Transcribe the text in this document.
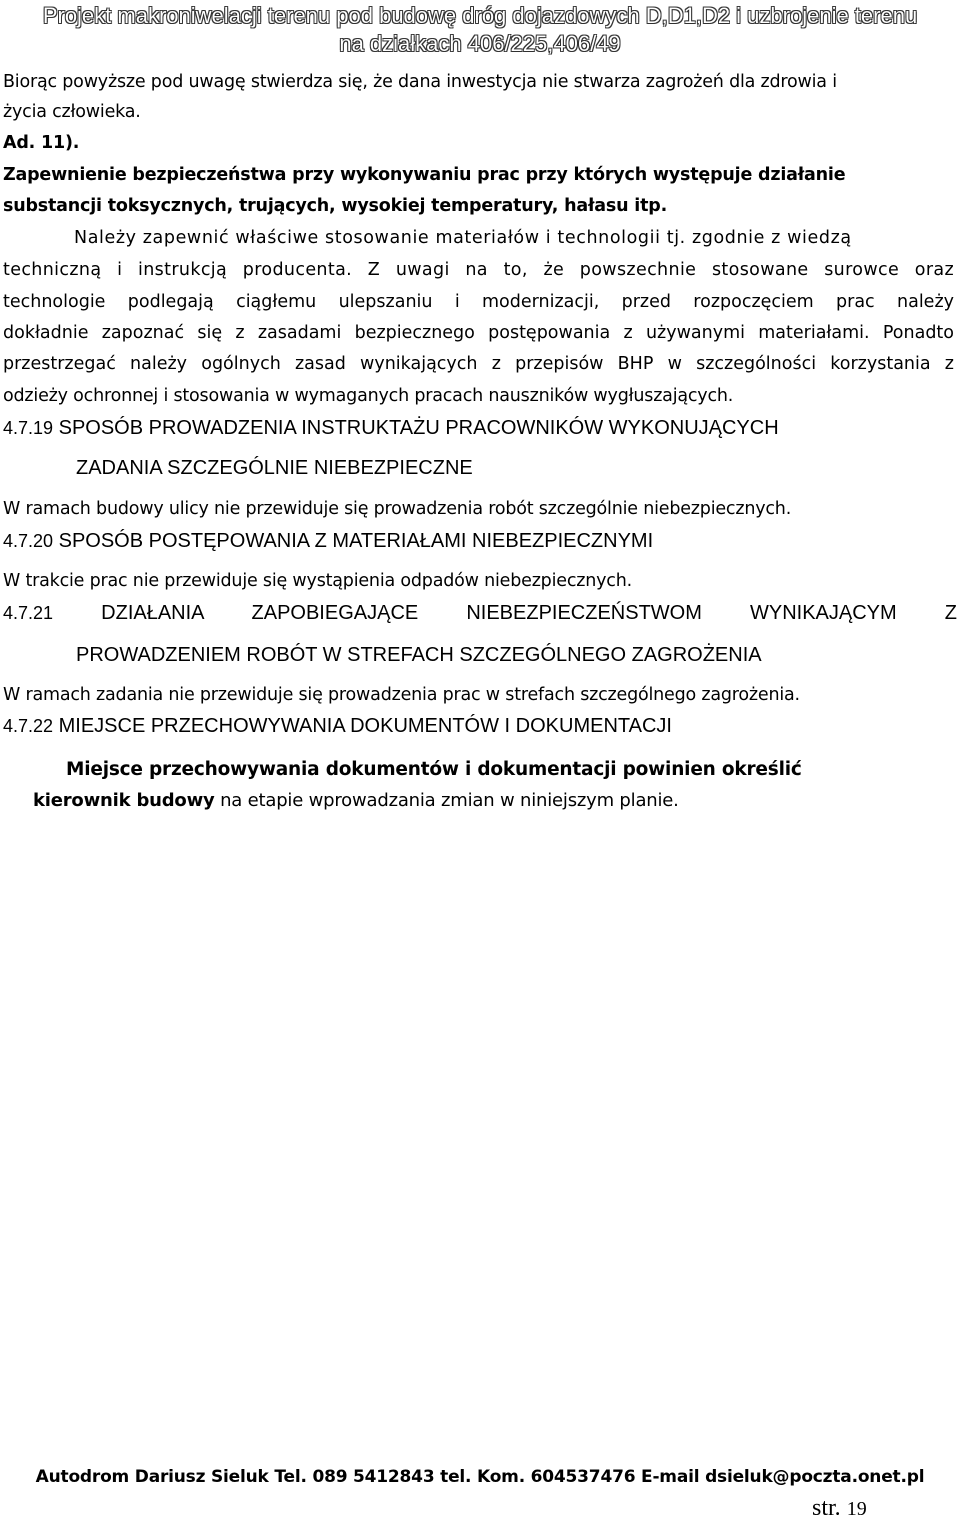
Projekt makroniwelacji terenu pod budowę dróg dojazdowych D,D1,D2 i uzbrojenie terenu
na działkach 406/225,406/49
Biorąc powyższe pod uwagę stwierdza się, że dana inwestycja nie stwarza zagrożeń dla zdrowia i
życia człowieka.
Ad. 11).
Zapewnienie bezpieczeństwa przy wykonywaniu prac przy których występuje działanie
substancji toksycznych, trujących, wysokiej temperatury, hałasu itp.
Należy zapewnić właściwe stosowanie materiałów i technologii tj. zgodnie z wiedzą
techniczną i instrukcją producenta. Z uwagi na to, że powszechnie stosowane surowce oraz
technologie podlegają ciągłemu ulepszaniu i modernizacji, przed rozpoczęciem prac należy
dokładnie zapoznać się z zasadami bezpiecznego postępowania z używanymi materiałami. Ponadto
przestrzegać należy ogólnych zasad wynikających z przepisów BHP w szczególności korzystania z
odzieży ochronnej i stosowania w wymaganych pracach nauszników wygłuszających.
4.7.19 SPOSÓB PROWADZENIA INSTRUKTAŻU PRACOWNIKÓW WYKONUJĄCYCH
ZADANIA SZCZEGÓLNIE NIEBEZPIECZNE
W ramach budowy ulicy nie przewiduje się prowadzenia robót szczególnie niebezpiecznych.
4.7.20 SPOSÓB POSTĘPOWANIA Z MATERIAŁAMI NIEBEZPIECZNYMI
W trakcie prac nie przewiduje się wystąpienia odpadów niebezpiecznych.
4.7.21 DZIAŁANIA ZAPOBIEGAJĄCE NIEBEZPIECZEŃSTWOM WYNIKAJĄCYM Z
PROWADZENIEM ROBÓT W STREFACH SZCZEGÓLNEGO ZAGROŻENIA
W ramach zadania nie przewiduje się prowadzenia prac w strefach szczególnego zagrożenia.
4.7.22 MIEJSCE PRZECHOWYWANIA DOKUMENTÓW I DOKUMENTACJI
Miejsce przechowywania dokumentów i dokumentacji powinien określić
kierownik budowy na etapie wprowadzania zmian w niniejszym planie.
Autodrom Dariusz Sieluk Tel. 089 5412843 tel. Kom. 604537476 E-mail dsieluk@poczta.onet.pl
str. 19
